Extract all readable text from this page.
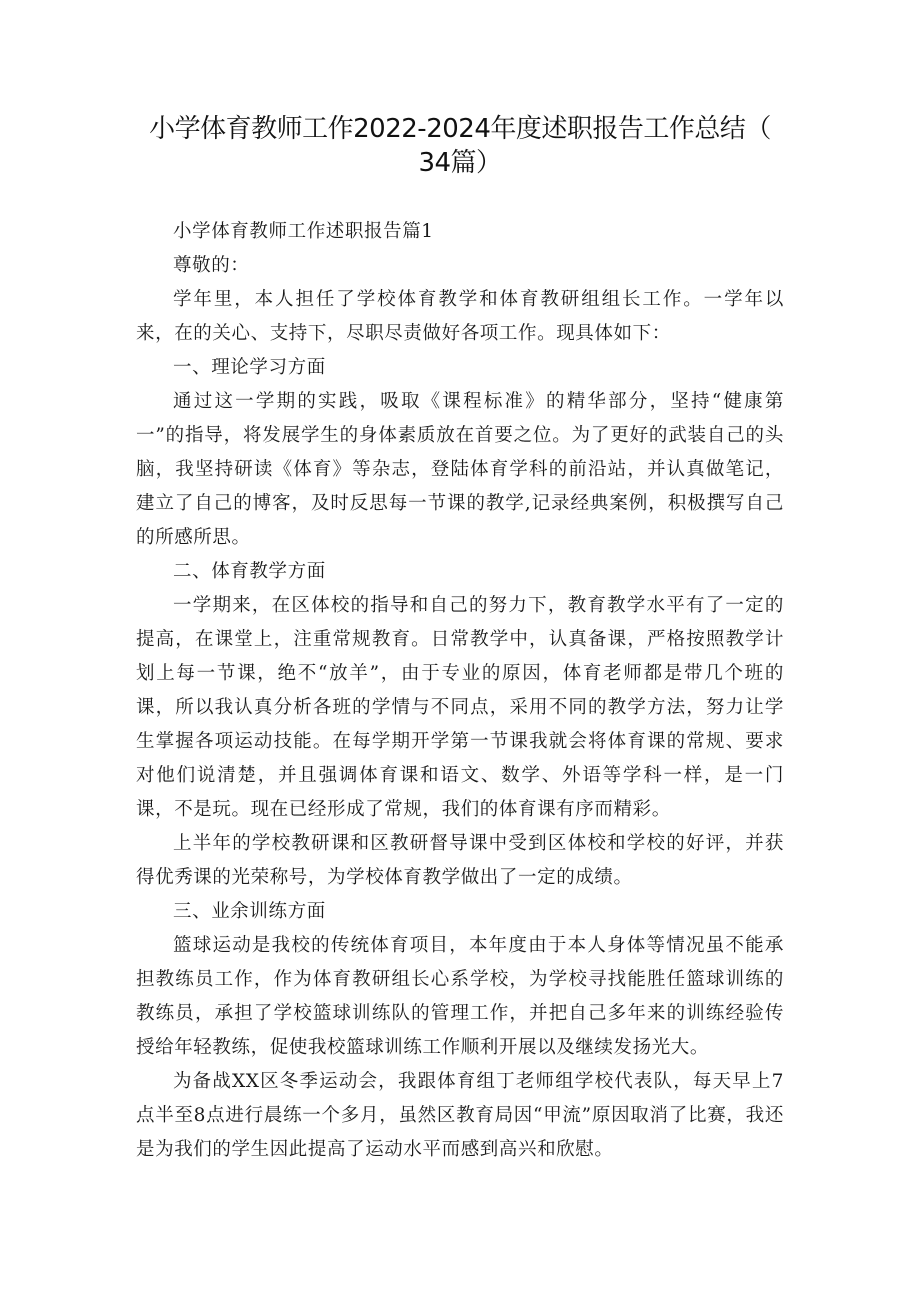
小学体育教师工作2022-2024年度述职报告工作总结（
34篇）

小学体育教师工作述职报告篇1

尊敬的：

学年里，本人担任了学校体育教学和体育教研组组长工作。一学年以来，在的关心、支持下，尽职尽责做好各项工作。现具体如下：

一、理论学习方面

通过这一学期的实践，吸取《课程标准》的精华部分，坚持“健康第一”的指导，将发展学生的身体素质放在首要之位。为了更好的武装自己的头脑，我坚持研读《体育》等杂志，登陆体育学科的前沿站，并认真做笔记，建立了自己的博客，及时反思每一节课的教学,记录经典案例，积极撰写自己的所感所思。

二、体育教学方面

一学期来，在区体校的指导和自己的努力下，教育教学水平有了一定的提高，在课堂上，注重常规教育。日常教学中，认真备课，严格按照教学计划上每一节课，绝不“放羊”，由于专业的原因，体育老师都是带几个班的课，所以我认真分析各班的学情与不同点，采用不同的教学方法，努力让学生掌握各项运动技能。在每学期开学第一节课我就会将体育课的常规、要求对他们说清楚，并且强调体育课和语文、数学、外语等学科一样，是一门课，不是玩。现在已经形成了常规，我们的体育课有序而精彩。

上半年的学校教研课和区教研督导课中受到区体校和学校的好评，并获得优秀课的光荣称号，为学校体育教学做出了一定的成绩。

三、业余训练方面

篮球运动是我校的传统体育项目，本年度由于本人身体等情况虽不能承担教练员工作，作为体育教研组长心系学校，为学校寻找能胜任篮球训练的教练员，承担了学校篮球训练队的管理工作，并把自己多年来的训练经验传授给年轻教练，促使我校篮球训练工作顺利开展以及继续发扬光大。

为备战XX区冬季运动会，我跟体育组丁老师组学校代表队，每天早上7点半至8点进行晨练一个多月，虽然区教育局因“甲流”原因取消了比赛，我还是为我们的学生因此提高了运动水平而感到高兴和欣慰。
